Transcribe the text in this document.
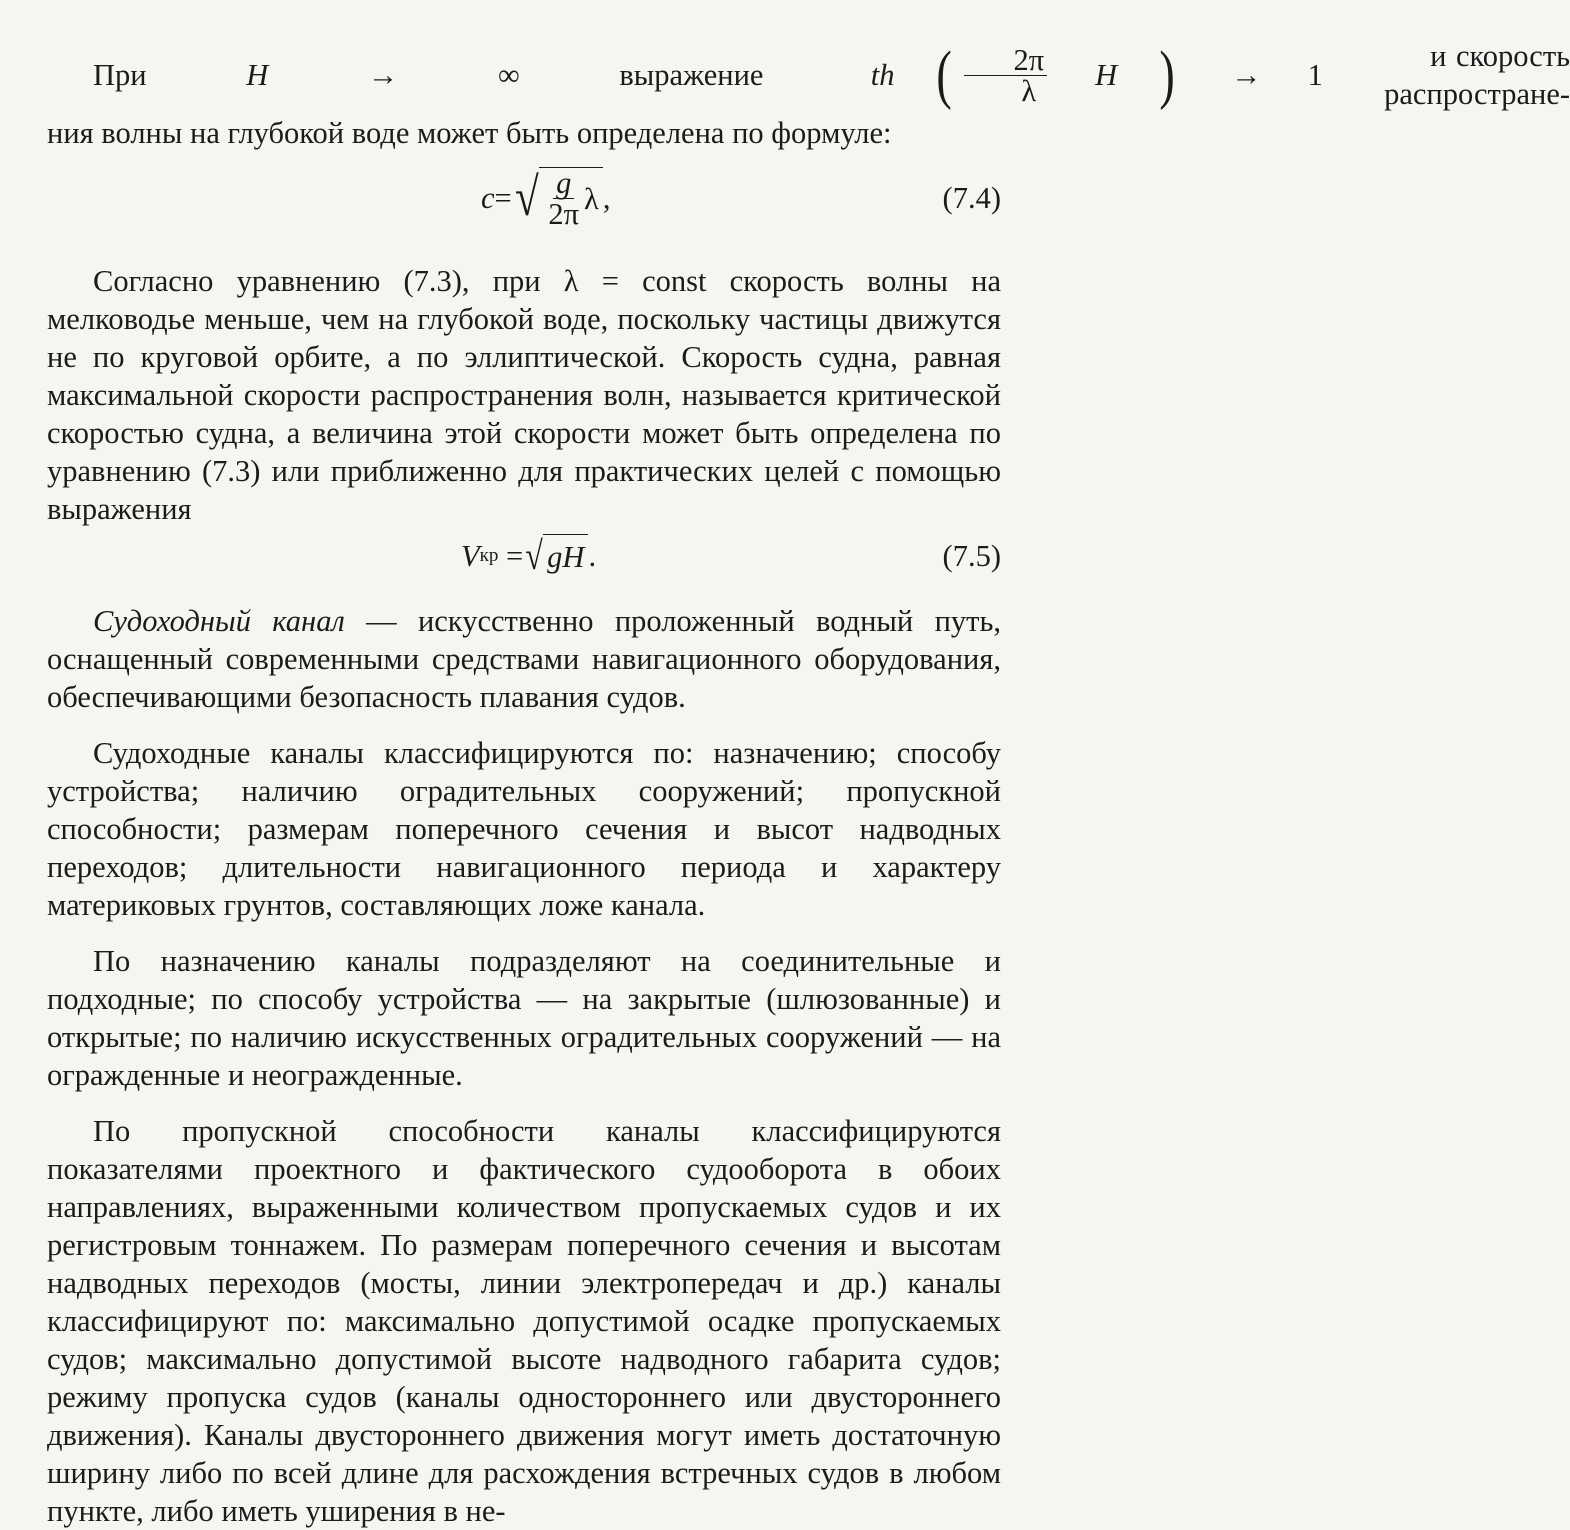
При
	H
	→
	∞
	выражение
	th ( $\frac{2\pi}{\lambda}$	H )	→	1

и скорость распростране-

ния волны на глубокой воде может быть определена по формуле:

c = √ $\frac{g}{2\pi}$ λ ,	(7.4)

Согласно уравнению (7.3), при λ = const скорость волны на мелководье меньше, чем на глубокой воде, поскольку частицы движутся не по круговой орбите, а по эллиптической. Скорость судна, равная максимальной скорости распространения волн, называется критической скоростью судна, а величина этой скорости может быть определена по уравнению (7.3) или приближенно для практических целей с помощью выражения

V кр
= √ gH .	(7.5)

Судоходный канал — искусственно проложенный водный путь, оснащенный современными средствами навигационного оборудования, обеспечивающими безопасность плавания судов.

Судоходные каналы классифицируются по: назначению; способу устройства; наличию оградительных сооружений; пропускной способности; размерам поперечного сечения и высот надводных переходов; длительности навигационного периода и характеру материковых грунтов, составляющих ложе канала.

По назначению каналы подразделяют на соединительные и подходные; по способу устройства — на закрытые (шлюзованные) и открытые; по наличию искусственных оградительных сооружений — на огражденные и неогражденные.

По пропускной способности каналы классифицируются показателями проектного и фактического судооборота в обоих направлениях, выраженными количеством пропускаемых судов и их регистровым тоннажем. По размерам поперечного сечения и высотам надводных переходов (мосты, линии электропередач и др.) каналы классифицируют по: максимально допустимой осадке пропускаемых судов; максимально допустимой высоте надводного габарита судов; режиму пропуска судов (каналы одностороннего или двустороннего движения). Каналы двустороннего движения могут иметь достаточную ширину либо по всей длине для расхождения встречных судов в любом пункте, либо иметь уширения в не-
